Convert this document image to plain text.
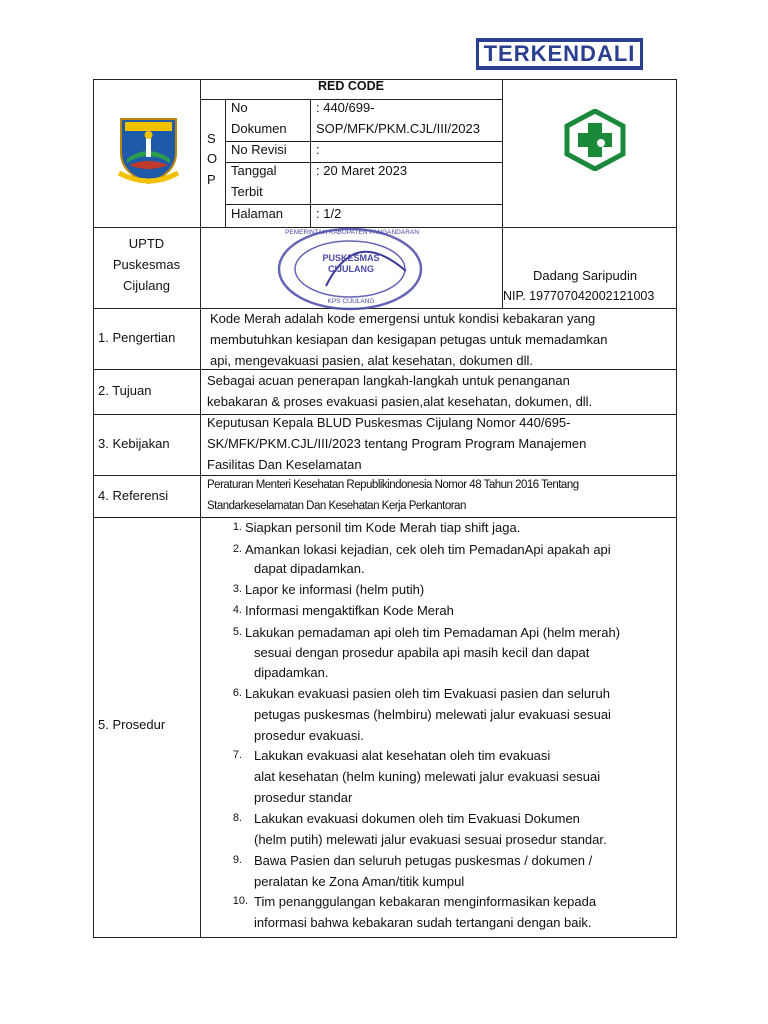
TERKENDALI
RED CODE
S
O
P
No
Dokumen
: 440/699-
SOP/MFK/PKM.CJL/III/2023
No Revisi :
Tanggal
Terbit
: 20 Maret 2023
Halaman	: 1/2
UPTD
Puskesmas
Cijulang
PUSKESMAS CIJULANG
PEMERINTAH KABUPATEN PANGANDARAN
KPS CIJULANG
Dadang Saripudin
NIP. 197707042002121003
1. Pengertian
Kode Merah adalah kode emergensi untuk kondisi kebakaran yang
membutuhkan kesiapan dan kesigapan petugas untuk memadamkan
api, mengevakuasi pasien, alat kesehatan, dokumen dll.
2. Tujuan
Sebagai acuan penerapan langkah-langkah untuk penanganan
kebakaran & proses evakuasi pasien,alat kesehatan, dokumen, dll.
3. Kebijakan
Keputusan Kepala BLUD Puskesmas Cijulang Nomor 440/695-
SK/MFK/PKM.CJL/III/2023 tentang Program Program Manajemen
Fasilitas Dan Keselamatan
4. Referensi
Peraturan Menteri Kesehatan Republikindonesia Nomor 48 Tahun 2016 Tentang
Standarkeselamatan Dan Kesehatan Kerja Perkantoran
5. Prosedur
1. Siapkan personil tim Kode Merah tiap shift jaga.
2. Amankan lokasi kejadian, cek oleh tim PemadanApi apakah api
dapat dipadamkan.
3. Lapor ke informasi (helm putih)
4. Informasi mengaktifkan Kode Merah
5. Lakukan pemadaman api oleh tim Pemadaman Api (helm merah)
sesuai dengan prosedur apabila api masih kecil dan dapat
dipadamkan.
6. Lakukan evakuasi pasien oleh tim Evakuasi pasien dan seluruh
petugas puskesmas (helmbiru) melewati jalur evakuasi sesuai
prosedur evakuasi.
7. Lakukan evakuasi alat kesehatan oleh tim evakuasi
alat kesehatan (helm kuning) melewati jalur evakuasi sesuai
prosedur standar
8. Lakukan evakuasi dokumen oleh tim Evakuasi Dokumen
(helm putih) melewati jalur evakuasi sesuai prosedur standar.
9. Bawa Pasien dan seluruh petugas puskesmas / dokumen /
peralatan ke Zona Aman/titik kumpul
10. Tim penanggulangan kebakaran menginformasikan kepada
informasi bahwa kebakaran sudah tertangani dengan baik.
